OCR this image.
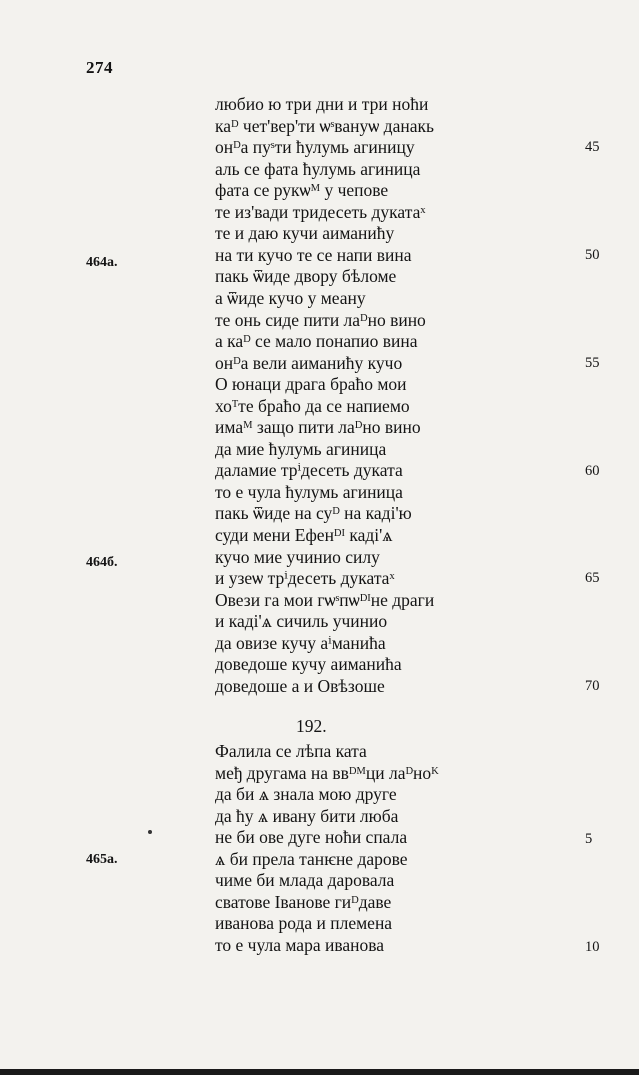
274
любио ю три дни и три ноћи
каᴰ чет'вер'ти ѡˢвануѡ данакь
онᴰа пуˢти ћулумь агиницу
аль се фата ћулумь агиница
фата се рукѡᴹ у чепове
те из'вади тридесеть дукатаˣ
те и даю кучи аиманићу
на ти кучо те се напи вина
пакь ѿиде двору бѣломе
а ѿиде кучо у меану
те онь сиде пити лаᴰно вино
а каᴰ се мало понапио вина
онᴰа вели аиманићу кучо
О юнаци драга браћо мои
хоᵀте браћо да се напиемо
имаᴹ защо пити лаᴰно вино
да мие ћулумь агиница
даламие трⁱдесеть дуката
то е чула ћулумь агиница
пакь ѿиде на суᴰ на каді'ю
суди мени Ефенᴰᴵ каді'ѧ
кучо мие учинио силу
и узеѡ трⁱдесеть дукатаˣ
Овези га мои гѡˢпѡᴰᴵне драги
и каді'ѧ сичиль учинио
да овизе кучу аⁱманића
доведоше кучу аиманића
доведоше а и Овѣзоше
192.
Фалила се лѣпа ката
међ другама на ввᴰᴹци лаᴰноᴷ
да би ѧ знала мою друге
да ћу ѧ ивану бити люба
не би ове дуге ноћи спала
ѧ би прела танѥне дарове
чиме би млада даровала
сватове Іванове гиᴰдаве
иванова рода и племена
то е чула мара иванова
464а.
464б.
465а.
45
50
55
60
65
70
5
10
